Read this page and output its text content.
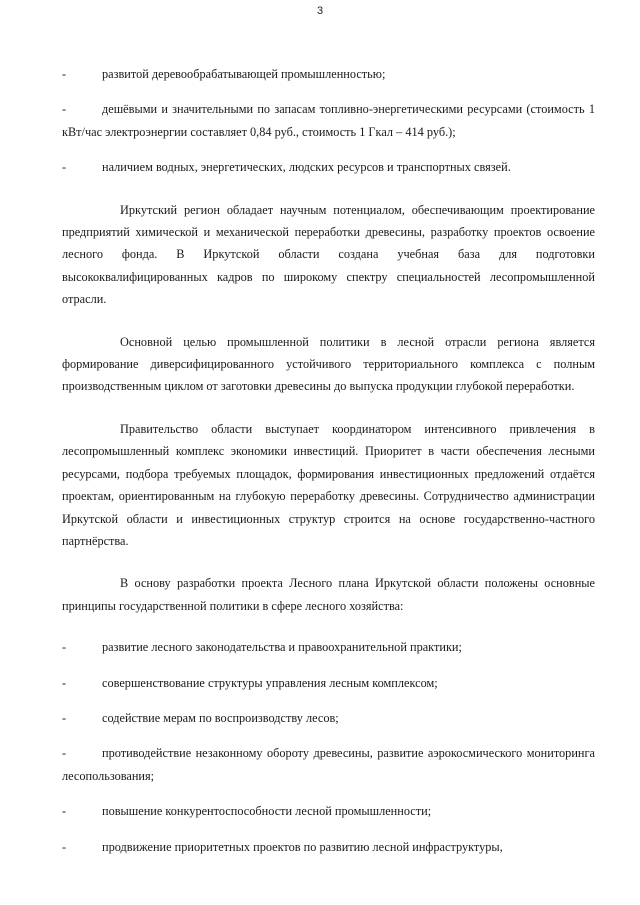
3

-	развитой деревообрабатывающей промышленностью;

-	дешёвыми и значительными по запасам топливно-энергетическими ресурсами (стоимость 1 кВт/час электроэнергии составляет 0,84 руб., стоимость 1 Гкал – 414 руб.);

-	наличием водных, энергетических, людских ресурсов и транспортных связей.

Иркутский регион обладает научным потенциалом, обеспечивающим проектирование предприятий химической и механической переработки древесины, разработку проектов освоение лесного фонда. В Иркутской области создана учебная база для подготовки высококвалифицированных кадров по широкому спектру специальностей лесопромышленной отрасли.

Основной целью промышленной политики в лесной отрасли региона является формирование диверсифицированного устойчивого территориального комплекса с полным производственным циклом от заготовки древесины до выпуска продукции глубокой переработки.

Правительство области выступает координатором интенсивного привлечения в лесопромышленный комплекс экономики инвестиций. Приоритет в части обеспечения лесными ресурсами, подбора требуемых площадок, формирования инвестиционных предложений отдаётся проектам, ориентированным на глубокую переработку древесины. Сотрудничество администрации Иркутской области и инвестиционных структур строится на основе государственно-частного партнёрства.

В основу разработки проекта Лесного плана Иркутской области положены основные принципы государственной политики в сфере лесного хозяйства:

-	развитие лесного законодательства и правоохранительной практики;

-	совершенствование структуры управления лесным комплексом;

-	содействие мерам по воспроизводству лесов;

-	противодействие незаконному обороту древесины, развитие аэрокосмического мониторинга лесопользования;

-	повышение конкурентоспособности лесной промышленности;

-	продвижение приоритетных проектов по развитию лесной инфраструктуры,
